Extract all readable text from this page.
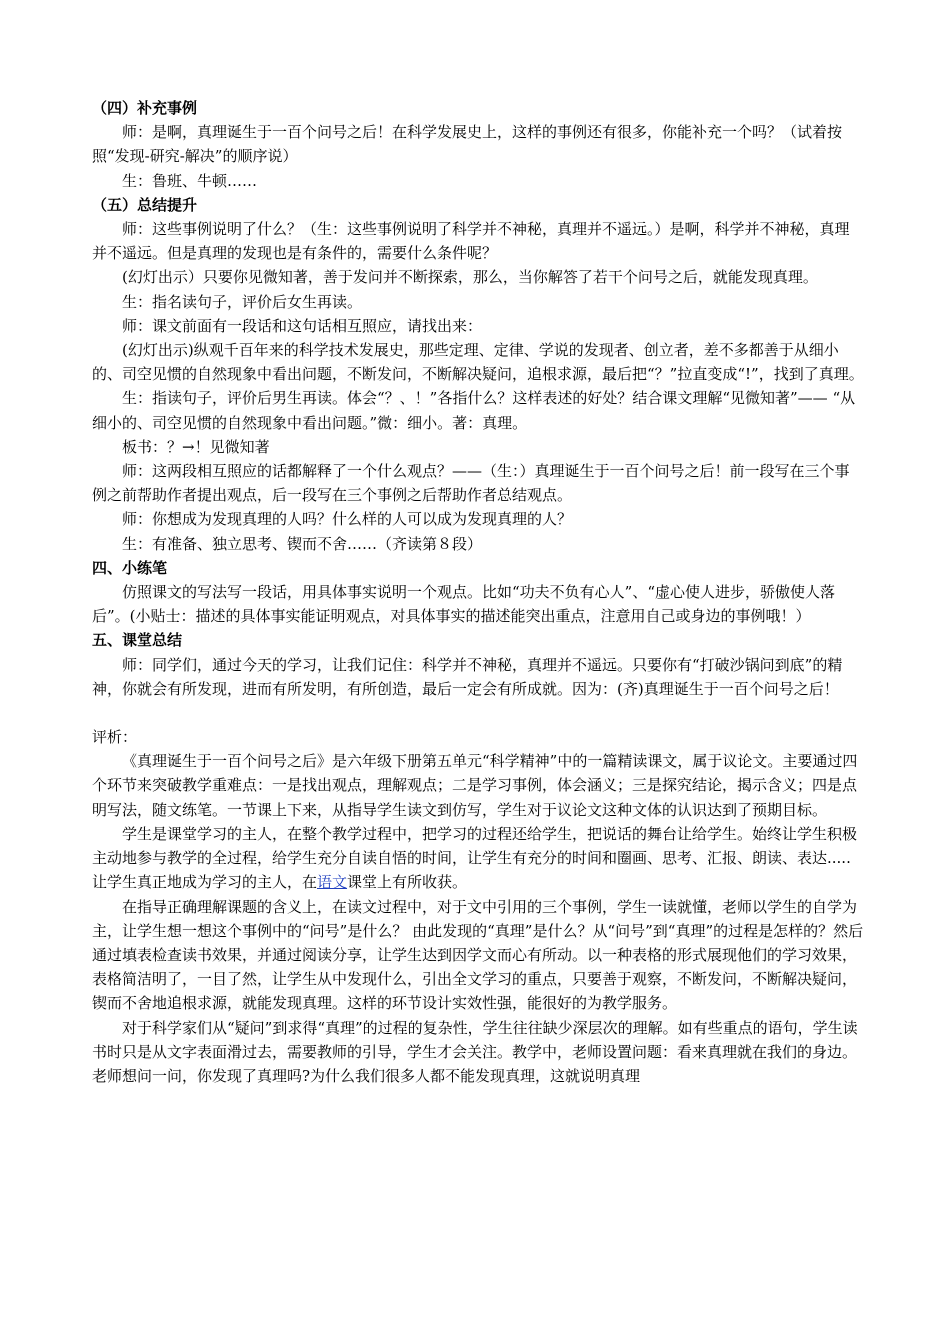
（四）补充事例

师：是啊，真理诞生于一百个问号之后！在科学发展史上，这样的事例还有很多，你能补充一个吗？（试着按照“发现-研究-解决”的顺序说）

生：鲁班、牛顿……

（五）总结提升

师：这些事例说明了什么？（生：这些事例说明了科学并不神秘，真理并不遥远。）是啊，科学并不神秘，真理并不遥远。但是真理的发现也是有条件的，需要什么条件呢？

(幻灯出示）只要你见微知著，善于发问并不断探索，那么，当你解答了若干个问号之后，就能发现真理。

生：指名读句子，评价后女生再读。

师：课文前面有一段话和这句话相互照应，请找出来：

(幻灯出示)纵观千百年来的科学技术发展史，那些定理、定律、学说的发现者、创立者，差不多都善于从细小的、司空见惯的自然现象中看出问题，不断发问，不断解决疑问，追根求源，最后把“？”拉直变成“!”，找到了真理。

生：指读句子，评价后男生再读。体会“？、！”各指什么？这样表述的好处？结合课文理解“见微知著”—— “从细小的、司空见惯的自然现象中看出问题。”微：细小。著：真理。

板书：？→！见微知著

师：这两段相互照应的话都解释了一个什么观点？——（生：）真理诞生于一百个问号之后！前一段写在三个事例之前帮助作者提出观点，后一段写在三个事例之后帮助作者总结观点。

师：你想成为发现真理的人吗？什么样的人可以成为发现真理的人？

生：有准备、独立思考、锲而不舍……（齐读第８段）

四、小练笔

仿照课文的写法写一段话，用具体事实说明一个观点。比如“功夫不负有心人”、“虚心使人进步，骄傲使人落后”。(小贴士：描述的具体事实能证明观点，对具体事实的描述能突出重点，注意用自己或身边的事例哦！）

五、课堂总结

师：同学们，通过今天的学习，让我们记住：科学并不神秘，真理并不遥远。只要你有“打破沙锅问到底”的精神，你就会有所发现，进而有所发明，有所创造，最后一定会有所成就。因为：(齐)真理诞生于一百个问号之后！

评析：

《真理诞生于一百个问号之后》是六年级下册第五单元“科学精神”中的一篇精读课文，属于议论文。主要通过四个环节来突破教学重难点：一是找出观点，理解观点；二是学习事例，体会涵义；三是探究结论，揭示含义；四是点明写法，随文练笔。一节课上下来，从指导学生读文到仿写，学生对于议论文这种文体的认识达到了预期目标。

学生是课堂学习的主人，在整个教学过程中，把学习的过程还给学生，把说话的舞台让给学生。始终让学生积极主动地参与教学的全过程，给学生充分自读自悟的时间，让学生有充分的时间和圈画、思考、汇报、朗读、表达..... 让学生真正地成为学习的主人，在语文课堂上有所收获。

在指导正确理解课题的含义上，在读文过程中，对于文中引用的三个事例，学生一读就懂，老师以学生的自学为主，让学生想一想这个事例中的“问号”是什么？ 由此发现的“真理”是什么？从“问号”到“真理”的过程是怎样的？然后通过填表检查读书效果，并通过阅读分享，让学生达到因学文而心有所动。以一种表格的形式展现他们的学习效果，表格简洁明了，一目了然，让学生从中发现什么，引出全文学习的重点，只要善于观察，不断发问，不断解决疑问，锲而不舍地追根求源，就能发现真理。这样的环节设计实效性强，能很好的为教学服务。

对于科学家们从“疑问”到求得“真理”的过程的复杂性，学生往往缺少深层次的理解。如有些重点的语句，学生读书时只是从文字表面滑过去，需要教师的引导，学生才会关注。教学中，老师设置问题：看来真理就在我们的身边。老师想问一问，你发现了真理吗?为什么我们很多人都不能发现真理，这就说明真理
